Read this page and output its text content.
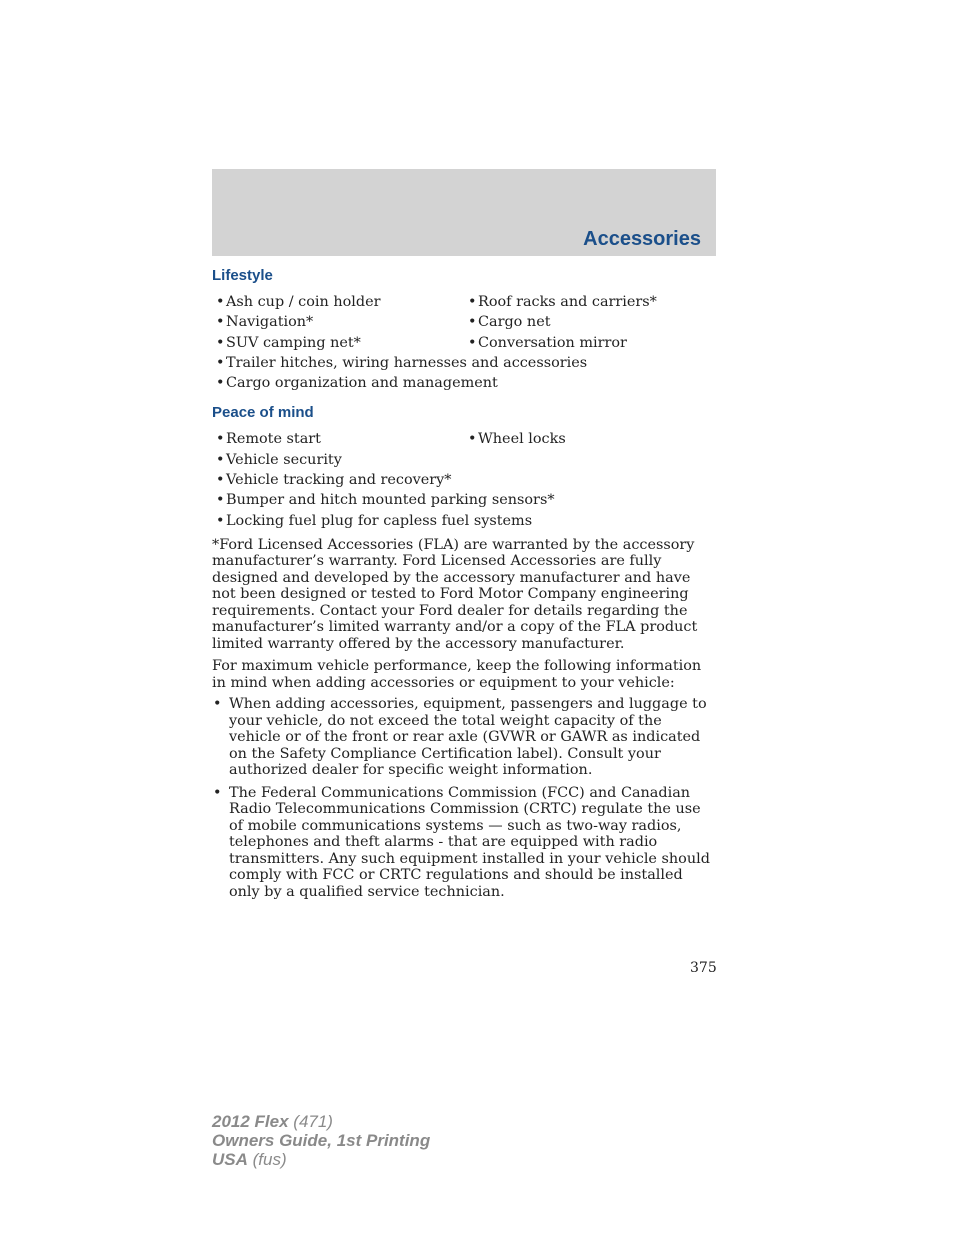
Accessories
Lifestyle
• Ash cup / coin holder	• Roof racks and carriers*
• Navigation*	• Cargo net
• SUV camping net*	• Conversation mirror
• Trailer hitches, wiring harnesses and accessories
• Cargo organization and management
Peace of mind
• Remote start	• Wheel locks
• Vehicle security
• Vehicle tracking and recovery*
• Bumper and hitch mounted parking sensors*
• Locking fuel plug for capless fuel systems

*Ford Licensed Accessories (FLA) are warranted by the accessory manufacturer’s warranty. Ford Licensed Accessories are fully designed and developed by the accessory manufacturer and have not been designed or tested to Ford Motor Company engineering requirements. Contact your Ford dealer for details regarding the manufacturer’s limited warranty and/or a copy of the FLA product limited warranty offered by the accessory manufacturer.

For maximum vehicle performance, keep the following information in mind when adding accessories or equipment to your vehicle:

• When adding accessories, equipment, passengers and luggage to your vehicle, do not exceed the total weight capacity of the vehicle or of the front or rear axle (GVWR or GAWR as indicated on the Safety Compliance Certification label). Consult your authorized dealer for specific weight information.
• The Federal Communications Commission (FCC) and Canadian Radio Telecommunications Commission (CRTC) regulate the use of mobile communications systems — such as two-way radios, telephones and theft alarms - that are equipped with radio transmitters. Any such equipment installed in your vehicle should comply with FCC or CRTC regulations and should be installed only by a qualified service technician.
375
2012 Flex (471)
Owners Guide, 1st Printing
USA (fus)
